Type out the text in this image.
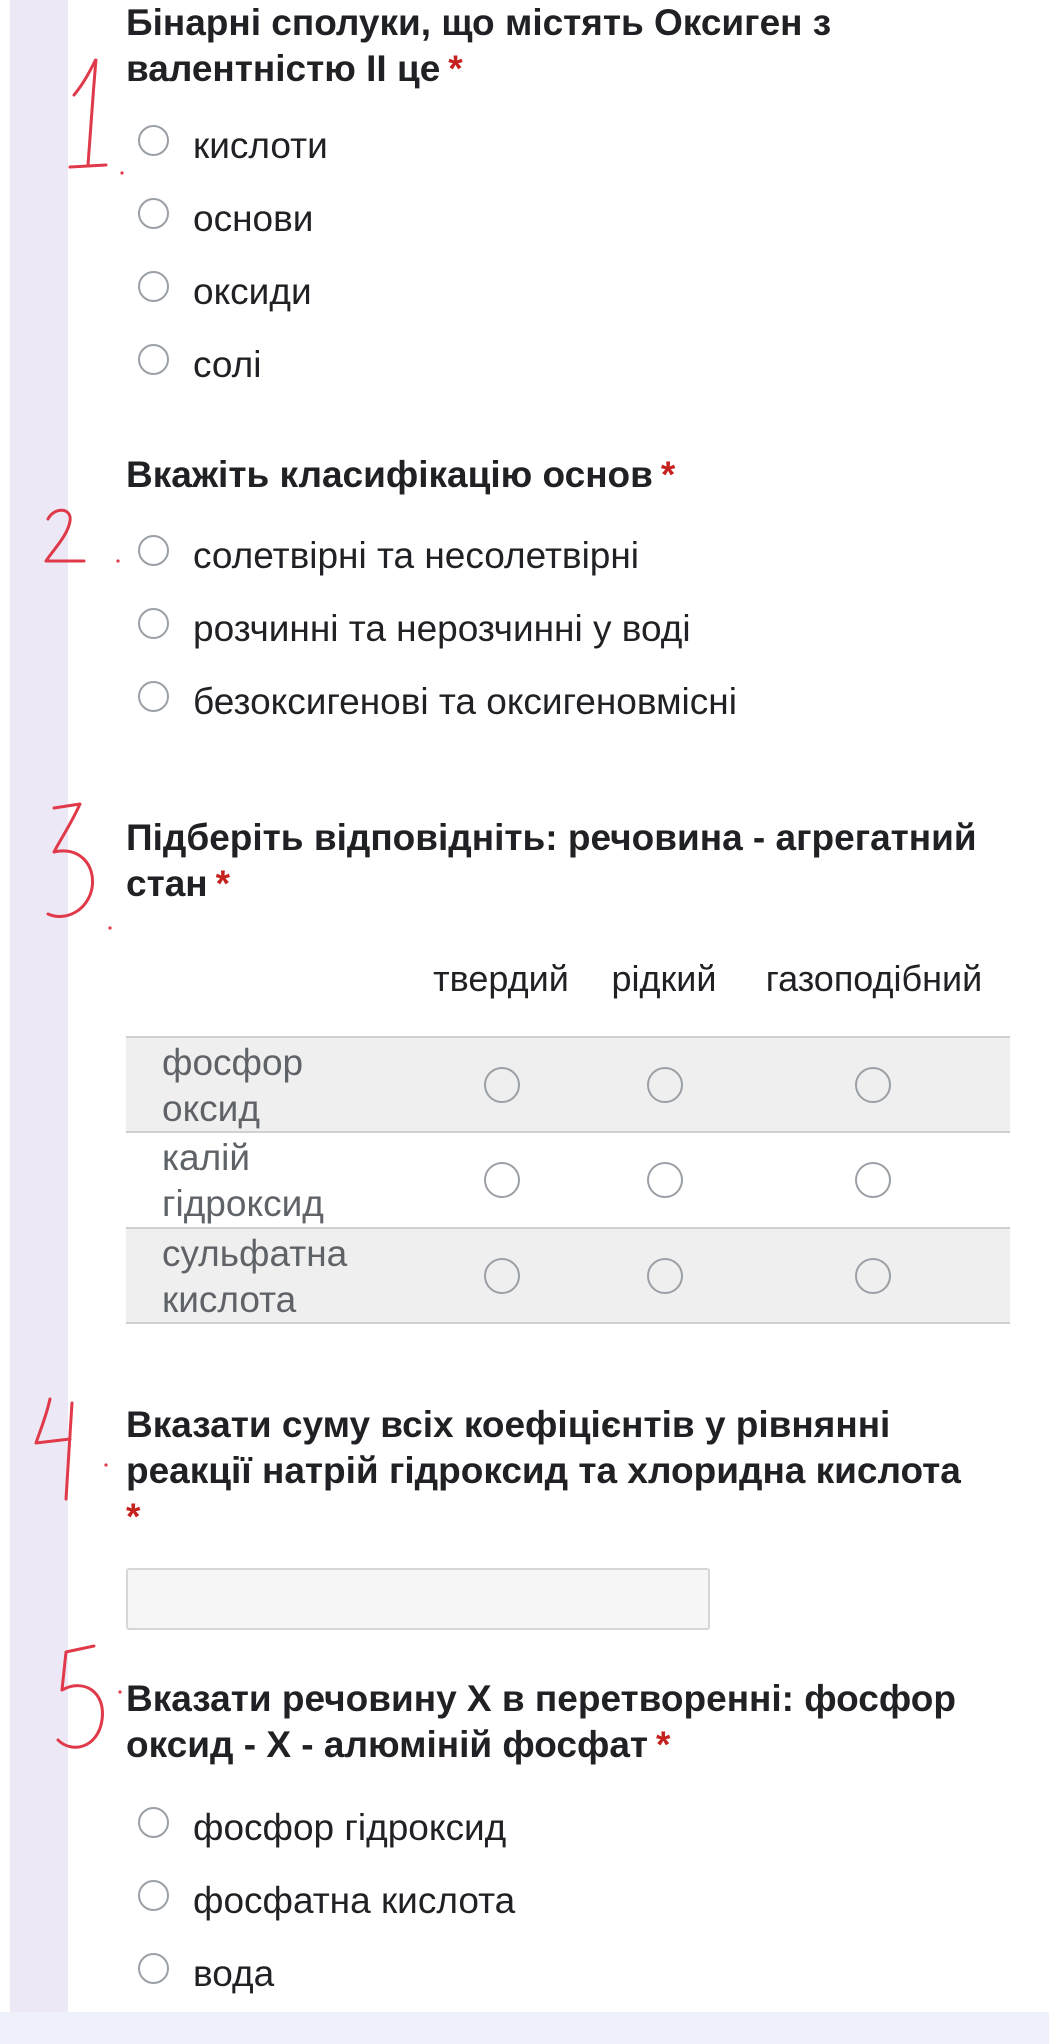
Бінарні сполуки, що містять Оксиген з валентністю ІІ це *
кислоти
основи
оксиди
солі
Вкажіть класифікацію основ *
солетвірні та несолетвірні
розчинні та нерозчинні у воді
безоксигенові та оксигеновмісні
Підберіть відповідніть: речовина - агрегатний стан *
твердий	рідкий	газоподібний
фосфор оксид
калій гідроксид
сульфатна кислота
Вказати суму всіх коефіцієнтів у рівнянні реакції натрій гідроксид та хлоридна кислота
*
Вказати речовину Х в перетворенні: фосфор оксид - Х - алюміній фосфат *
фосфор гідроксид
фосфатна кислота
вода
